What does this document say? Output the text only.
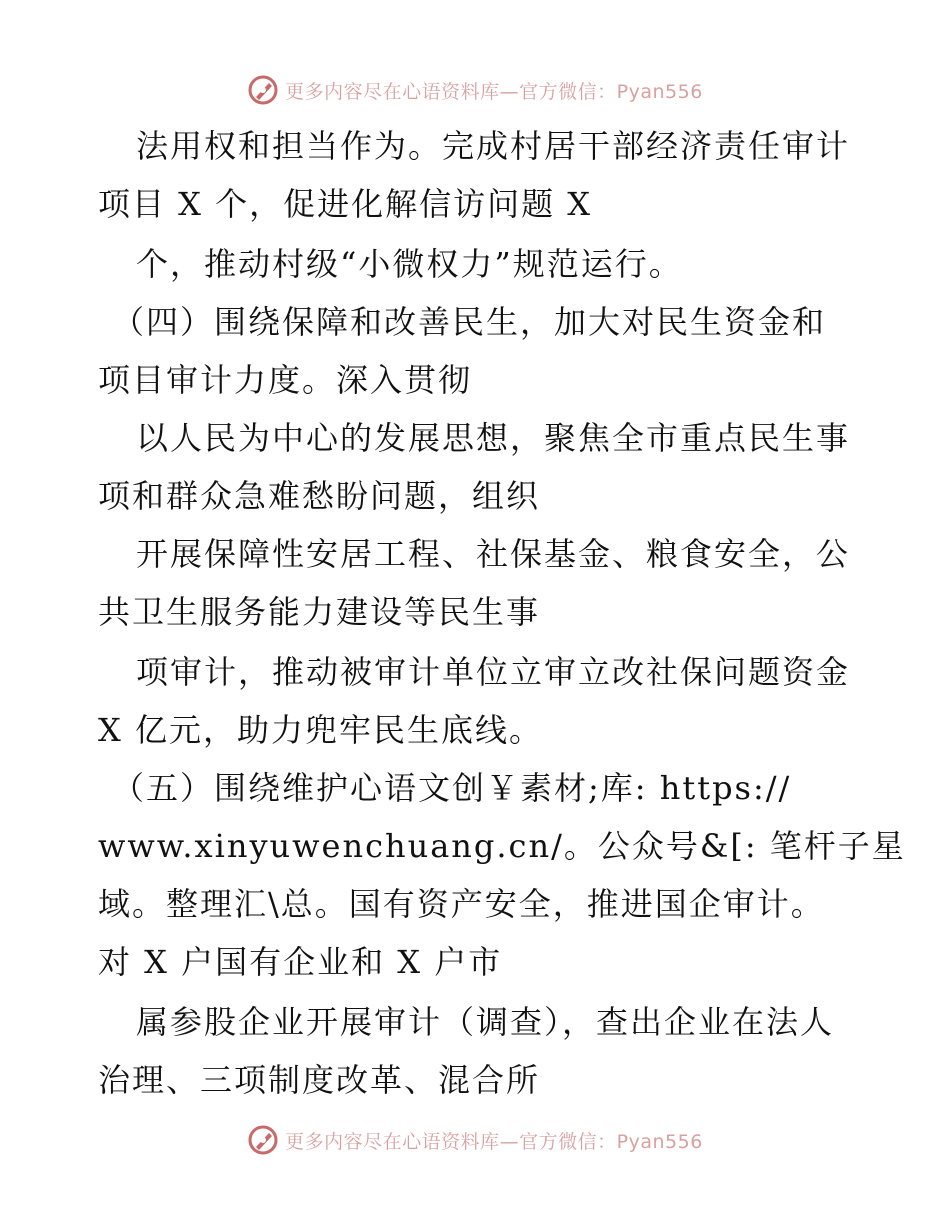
更多内容尽在心语资料库—官方微信：Pyan556
法用权和担当作为。完成村居干部经济责任审计
项目 X 个，促进化解信访问题 X
个，推动村级“小微权力”规范运行。
（四）围绕保障和改善民生，加大对民生资金和
项目审计力度。深入贯彻
以人民为中心的发展思想，聚焦全市重点民生事
项和群众急难愁盼问题，组织
开展保障性安居工程、社保基金、粮食安全，公
共卫生服务能力建设等民生事
项审计，推动被审计单位立审立改社保问题资金
X 亿元，助力兜牢民生底线。
（五）围绕维护心语文创￥素材;库: https://
www.xinyuwenchuang.cn/。公众号&[: 笔杆子星
域。整理汇\总。国有资产安全，推进国企审计。
对 X 户国有企业和 X 户市
属参股企业开展审计（调查），查出企业在法人
治理、三项制度改革、混合所
更多内容尽在心语资料库—官方微信：Pyan556
